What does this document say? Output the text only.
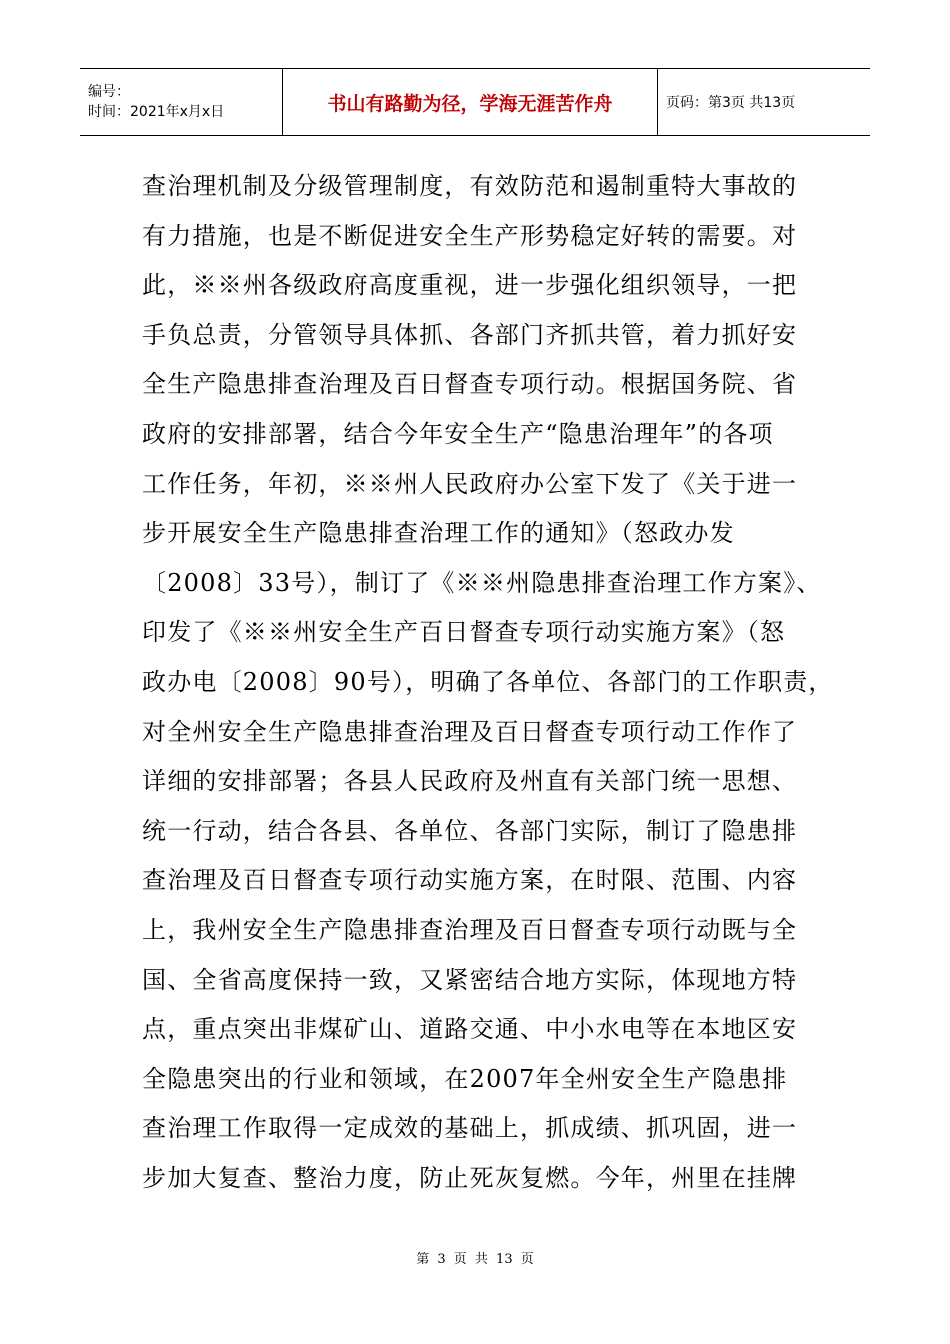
编号：
时间：2021年x月x日	书山有路勤为径，学海无涯苦作舟	页码：第3页 共13页
查治理机制及分级管理制度，有效防范和遏制重特大事故的
有力措施，也是不断促进安全生产形势稳定好转的需要。对
此，※※州各级政府高度重视，进一步强化组织领导，一把
手负总责，分管领导具体抓、各部门齐抓共管，着力抓好安
全生产隐患排查治理及百日督查专项行动。根据国务院、省
政府的安排部署，结合今年安全生产“隐患治理年”的各项
工作任务，年初，※※州人民政府办公室下发了《关于进一
步开展安全生产隐患排查治理工作的通知》（怒政办发
〔2008〕33号），制订了《※※州隐患排查治理工作方案》、
印发了《※※州安全生产百日督查专项行动实施方案》（怒
政办电〔2008〕90号），明确了各单位、各部门的工作职责，
对全州安全生产隐患排查治理及百日督查专项行动工作作了
详细的安排部署；各县人民政府及州直有关部门统一思想、
统一行动，结合各县、各单位、各部门实际，制订了隐患排
查治理及百日督查专项行动实施方案，在时限、范围、内容
上，我州安全生产隐患排查治理及百日督查专项行动既与全
国、全省高度保持一致，又紧密结合地方实际，体现地方特
点，重点突出非煤矿山、道路交通、中小水电等在本地区安
全隐患突出的行业和领域，在2007年全州安全生产隐患排
查治理工作取得一定成效的基础上，抓成绩、抓巩固，进一
步加大复查、整治力度，防止死灰复燃。今年，州里在挂牌
第 3 页 共 13 页
